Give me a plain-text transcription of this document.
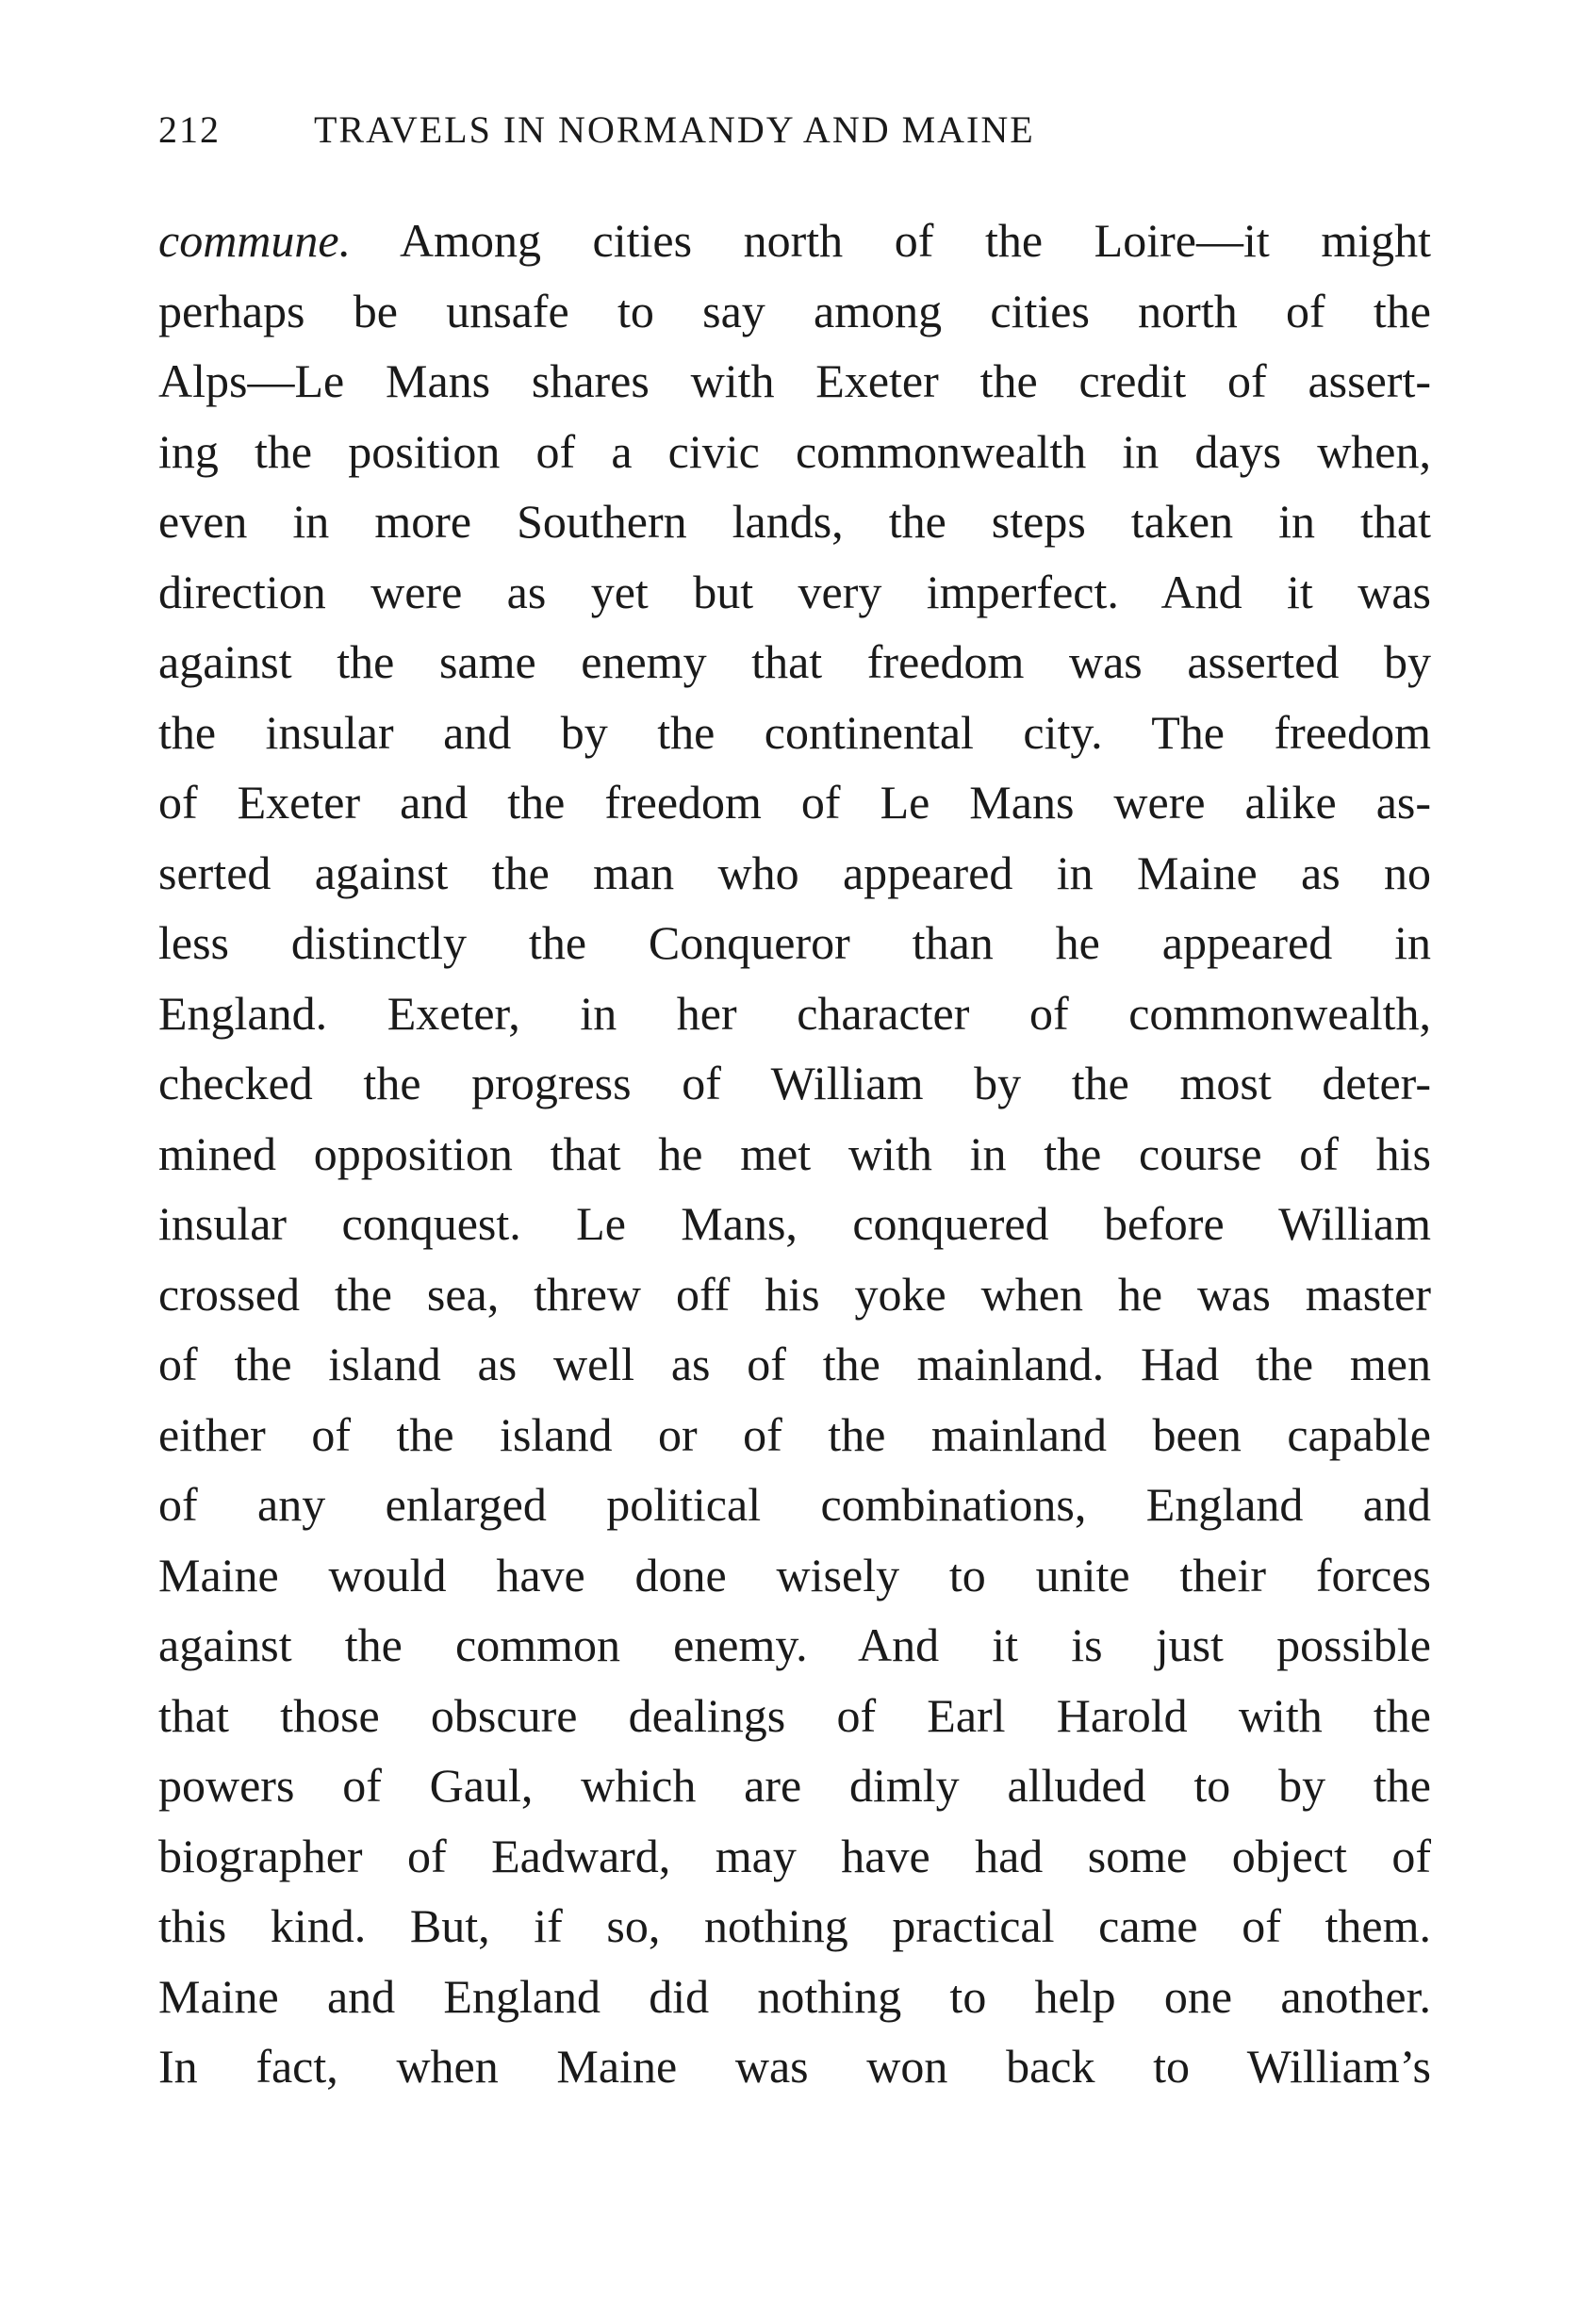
212 TRAVELS IN NORMANDY AND MAINE
commune. Among cities north of the Loire—it might
perhaps be unsafe to say among cities north of the
Alps—Le Mans shares with Exeter the credit of assert-
ing the position of a civic commonwealth in days when,
even in more Southern lands, the steps taken in that
direction were as yet but very imperfect. And it was
against the same enemy that freedom was asserted by
the insular and by the continental city. The freedom
of Exeter and the freedom of Le Mans were alike as-
serted against the man who appeared in Maine as no
less distinctly the Conqueror than he appeared in
England. Exeter, in her character of commonwealth,
checked the progress of William by the most deter-
mined opposition that he met with in the course of his
insular conquest. Le Mans, conquered before William
crossed the sea, threw off his yoke when he was master
of the island as well as of the mainland. Had the men
either of the island or of the mainland been capable
of any enlarged political combinations, England and
Maine would have done wisely to unite their forces
against the common enemy. And it is just possible
that those obscure dealings of Earl Harold with the
powers of Gaul, which are dimly alluded to by the
biographer of Eadward, may have had some object of
this kind. But, if so, nothing practical came of them.
Maine and England did nothing to help one another.
In fact, when Maine was won back to William’s
